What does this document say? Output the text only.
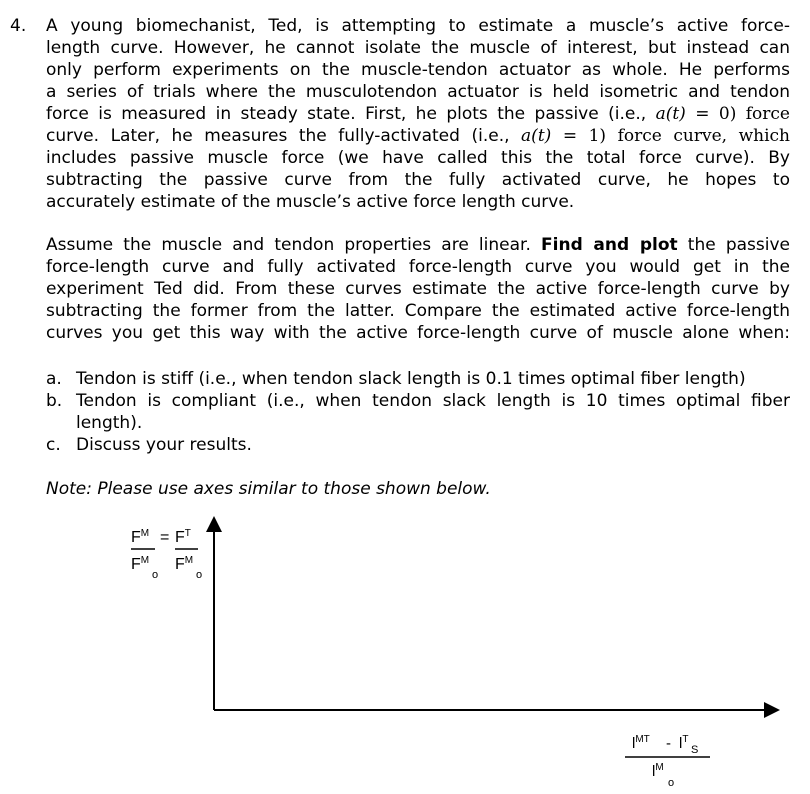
4. A young biomechanist, Ted, is attempting to estimate a muscle’s active force-
length curve. However, he cannot isolate the muscle of interest, but instead can
only perform experiments on the muscle-tendon actuator as whole. He performs
a series of trials where the musculotendon actuator is held isometric and tendon
force is measured in steady state. First, he plots the passive (i.e., a(t) = 0) force
curve. Later, he measures the fully-activated (i.e., a(t) = 1) force curve, which
includes passive muscle force (we have called this the total force curve). By
subtracting the passive curve from the fully activated curve, he hopes to
accurately estimate of the muscle’s active force length curve.
Assume the muscle and tendon properties are linear. Find and plot the passive
force-length curve and fully activated force-length curve you would get in the
experiment Ted did. From these curves estimate the active force-length curve by
subtracting the former from the latter. Compare the estimated active force-length
curves you get this way with the active force-length curve of muscle alone when:
a. Tendon is stiff (i.e., when tendon slack length is 0.1 times optimal fiber length)
b. Tendon is compliant (i.e., when tendon slack length is 10 times optimal fiber
length).
c. Discuss your results.
Note: Please use axes similar to those shown below.
$F^M = F^T$
$F^M$
o
$F^M$
o
$l^{MT} - l^T$
S
$l^M$
o
